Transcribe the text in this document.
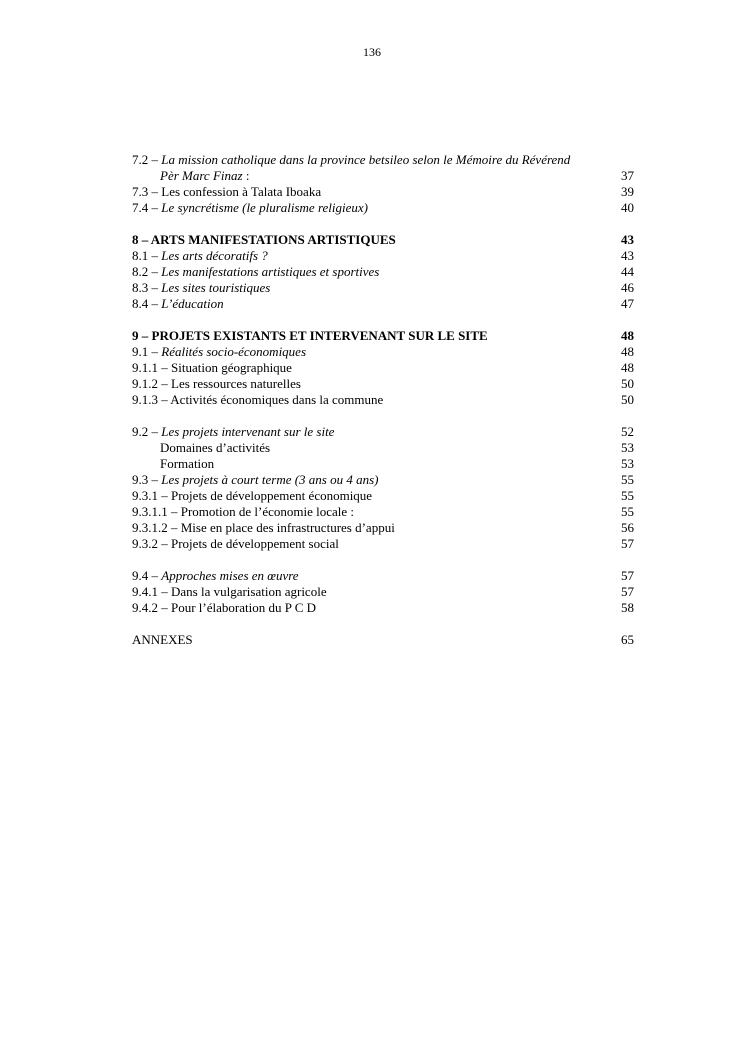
136
7.2 – La mission catholique dans la province betsileo selon le Mémoire du Révérend
Pèr Marc Finaz :	37
7.3 – Les confession à Talata Iboaka	39
7.4 – Le syncrétisme (le pluralisme religieux)	40
8 – ARTS MANIFESTATIONS ARTISTIQUES	43
8.1 – Les arts décoratifs ?	43
8.2 – Les manifestations artistiques et sportives	44
8.3 – Les sites touristiques	46
8.4 – L’éducation	47
9 – PROJETS EXISTANTS ET INTERVENANT SUR LE SITE	48
9.1 – Réalités socio-économiques	48
9.1.1 – Situation géographique	48
9.1.2 – Les ressources naturelles	50
9.1.3 – Activités économiques dans la commune	50
9.2 – Les projets intervenant sur le site	52
Domaines d’activités	53
Formation	53
9.3 – Les projets à court terme (3 ans ou 4 ans)	55
9.3.1 – Projets de développement économique	55
9.3.1.1 – Promotion de l’économie locale :	55
9.3.1.2 – Mise en place des infrastructures d’appui	56
9.3.2 – Projets de développement social	57
9.4 – Approches mises en œuvre	57
9.4.1 – Dans la vulgarisation agricole	57
9.4.2 – Pour l’élaboration du P C D	58
ANNEXES	65
